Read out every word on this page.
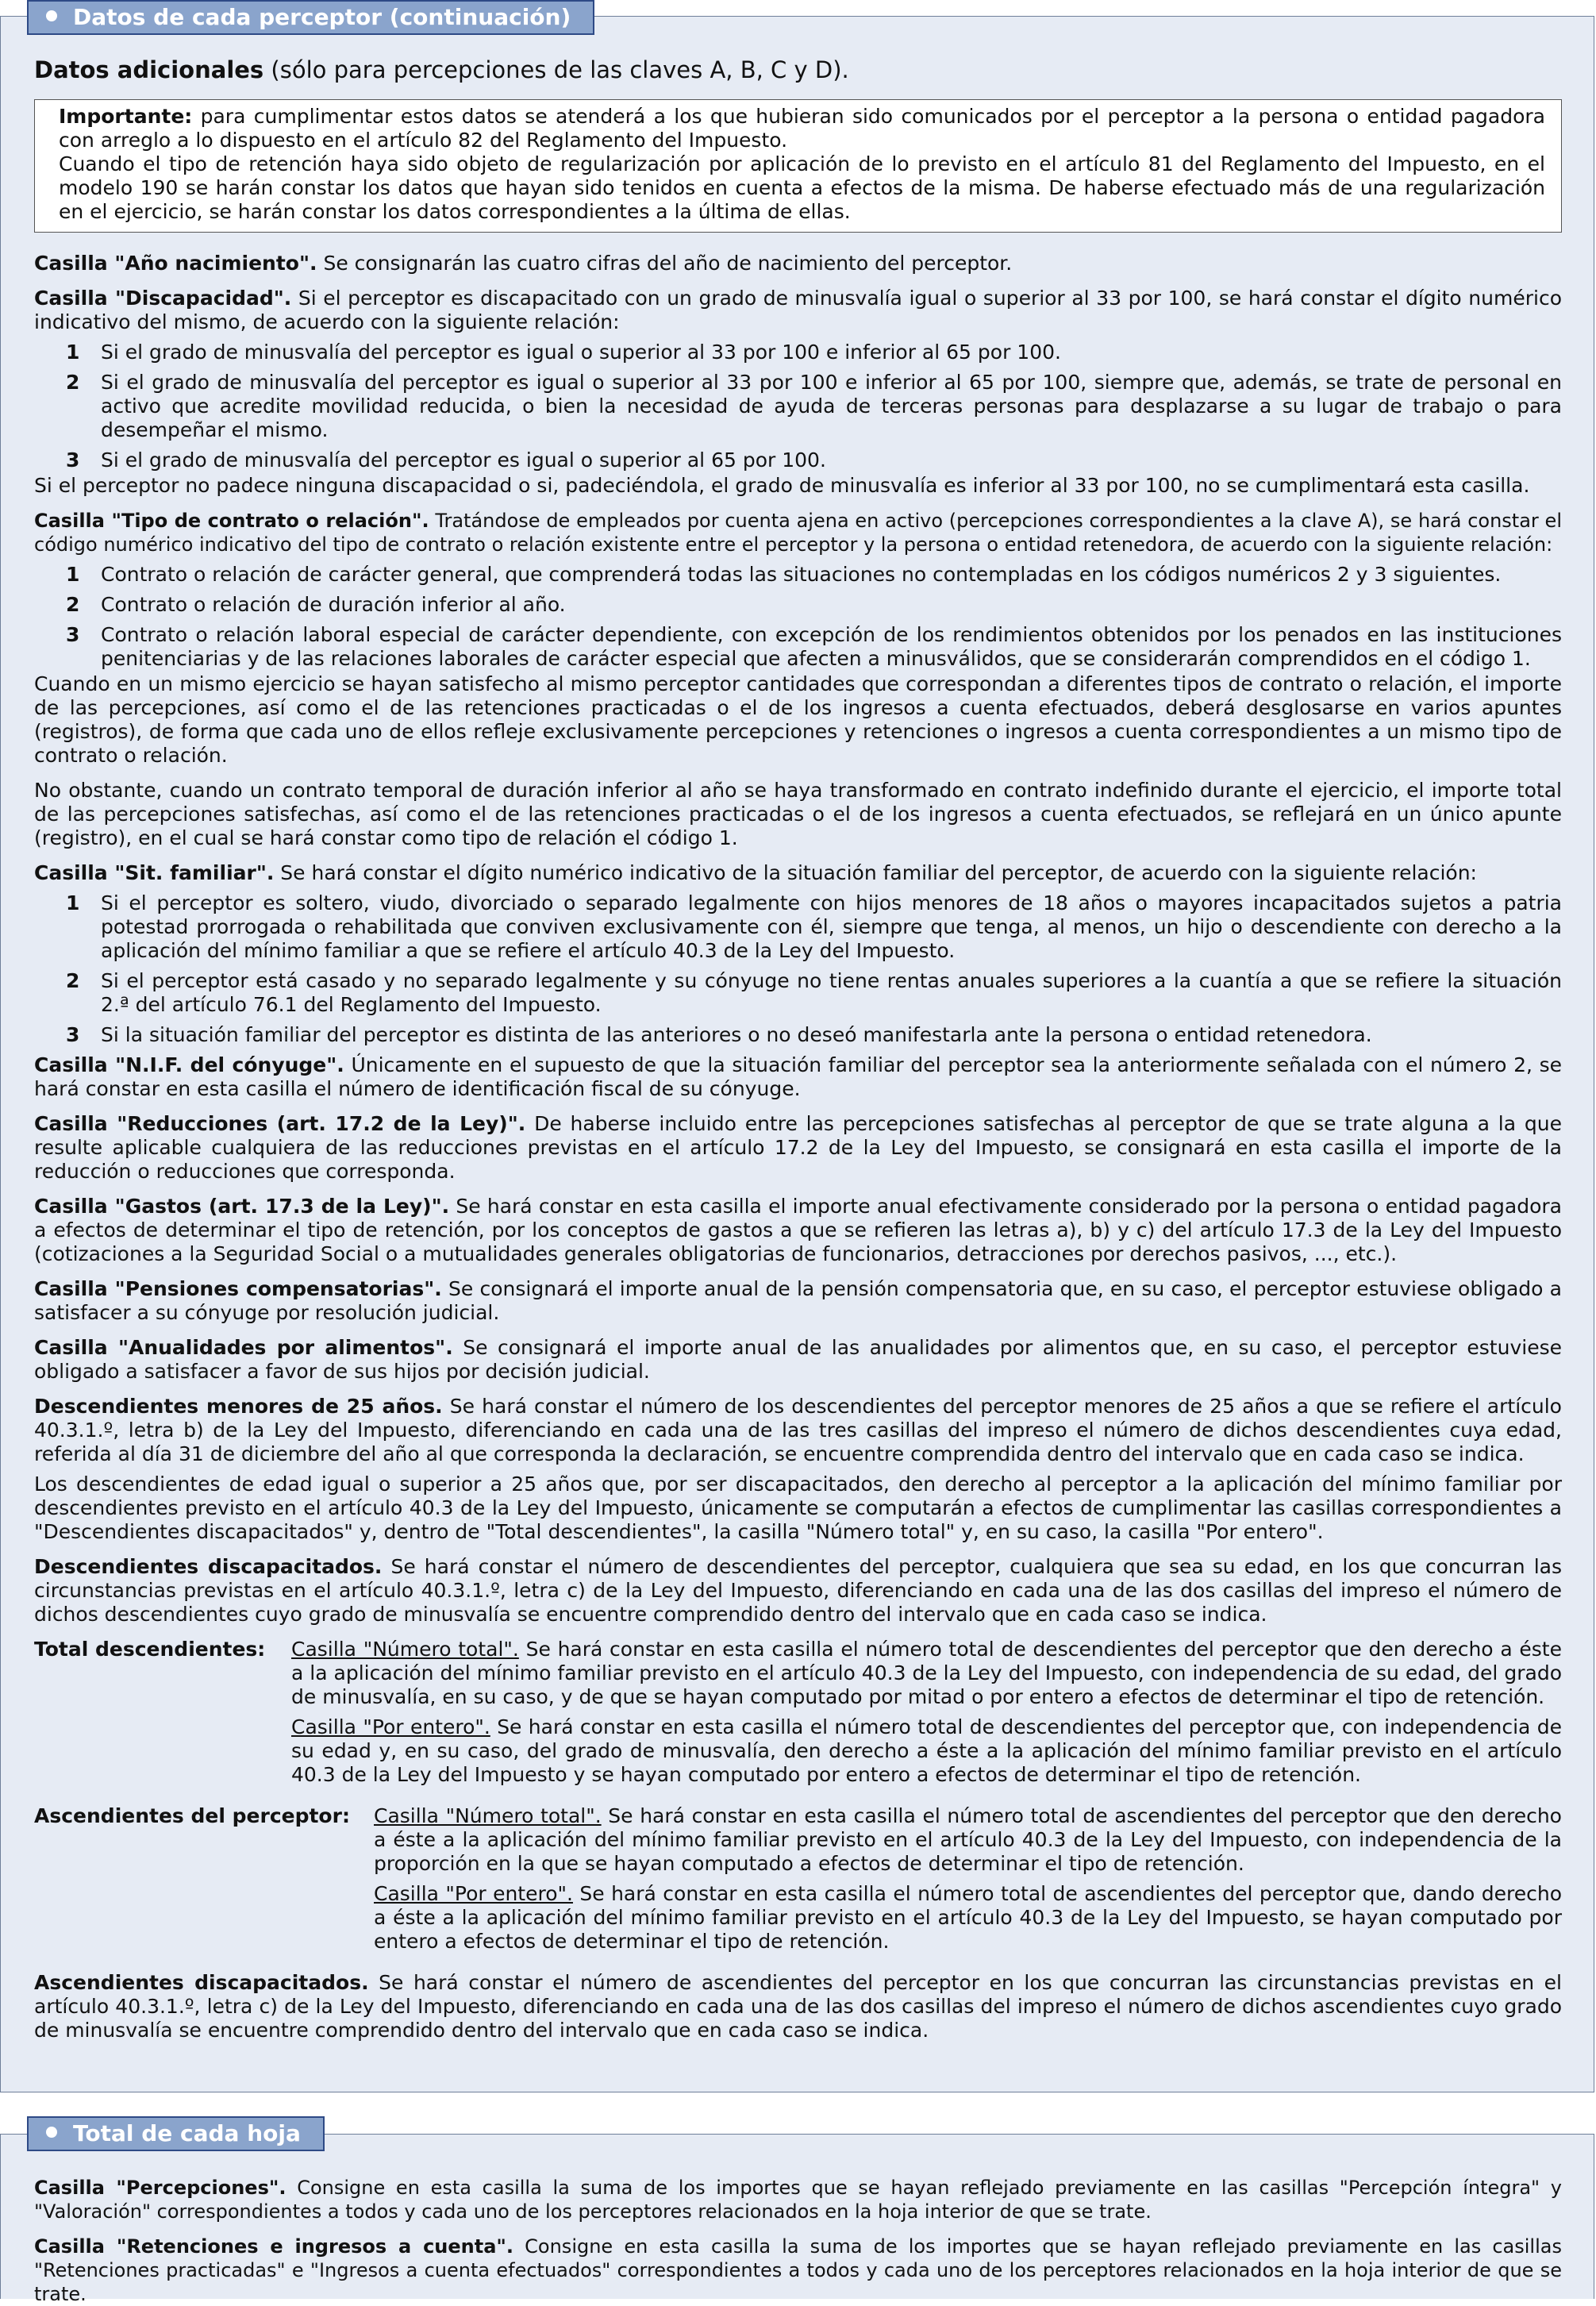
Datos de cada perceptor (continuación)
Datos adicionales (sólo para percepciones de las claves A, B, C y D).

Importante: para cumplimentar estos datos se atenderá a los que hubieran sido comunicados por el perceptor a la persona o entidad pagadora con arreglo a lo dispuesto en el artículo 82 del Reglamento del Impuesto.

Cuando el tipo de retención haya sido objeto de regularización por aplicación de lo previsto en el artículo 81 del Reglamento del Impuesto, en el modelo 190 se harán constar los datos que hayan sido tenidos en cuenta a efectos de la misma. De haberse efectuado más de una regularización en el ejercicio, se harán constar los datos correspondientes a la última de ellas.

Casilla "Año nacimiento". Se consignarán las cuatro cifras del año de nacimiento del perceptor.

Casilla "Discapacidad". Si el perceptor es discapacitado con un grado de minusvalía igual o superior al 33 por 100, se hará constar el dígito numérico indicativo del mismo, de acuerdo con la siguiente relación:

1	Si el grado de minusvalía del perceptor es igual o superior al 33 por 100 e inferior al 65 por 100.
2	Si el grado de minusvalía del perceptor es igual o superior al 33 por 100 e inferior al 65 por 100, siempre que, además, se trate de personal en activo que acredite movilidad reducida, o bien la necesidad de ayuda de terceras personas para desplazarse a su lugar de trabajo o para desempeñar el mismo.
3	Si el grado de minusvalía del perceptor es igual o superior al 65 por 100.

Si el perceptor no padece ninguna discapacidad o si, padeciéndola, el grado de minusvalía es inferior al 33 por 100, no se cumplimentará esta casilla.

Casilla "Tipo de contrato o relación". Tratándose de empleados por cuenta ajena en activo (percepciones correspondientes a la clave A), se hará constar el código numérico indicativo del tipo de contrato o relación existente entre el perceptor y la persona o entidad retenedora, de acuerdo con la siguiente relación:

1	Contrato o relación de carácter general, que comprenderá todas las situaciones no contempladas en los códigos numéricos 2 y 3 siguientes.
2	Contrato o relación de duración inferior al año.
3	Contrato o relación laboral especial de carácter dependiente, con excepción de los rendimientos obtenidos por los penados en las instituciones penitenciarias y de las relaciones laborales de carácter especial que afecten a minusválidos, que se considerarán comprendidos en el código 1.

Cuando en un mismo ejercicio se hayan satisfecho al mismo perceptor cantidades que correspondan a diferentes tipos de contrato o relación, el importe de las percepciones, así como el de las retenciones practicadas o el de los ingresos a cuenta efectuados, deberá desglosarse en varios apuntes (registros), de forma que cada uno de ellos refleje exclusivamente percepciones y retenciones o ingresos a cuenta correspondientes a un mismo tipo de contrato o relación.

No obstante, cuando un contrato temporal de duración inferior al año se haya transformado en contrato indefinido durante el ejercicio, el importe total de las percepciones satisfechas, así como el de las retenciones practicadas o el de los ingresos a cuenta efectuados, se reflejará en un único apunte (registro), en el cual se hará constar como tipo de relación el código 1.

Casilla "Sit. familiar". Se hará constar el dígito numérico indicativo de la situación familiar del perceptor, de acuerdo con la siguiente relación:

1	Si el perceptor es soltero, viudo, divorciado o separado legalmente con hijos menores de 18 años o mayores incapacitados sujetos a patria potestad prorrogada o rehabilitada que conviven exclusivamente con él, siempre que tenga, al menos, un hijo o descendiente con derecho a la aplicación del mínimo familiar a que se refiere el artículo 40.3 de la Ley del Impuesto.
2	Si el perceptor está casado y no separado legalmente y su cónyuge no tiene rentas anuales superiores a la cuantía a que se refiere la situación 2.ª del artículo 76.1 del Reglamento del Impuesto.
3	Si la situación familiar del perceptor es distinta de las anteriores o no deseó manifestarla ante la persona o entidad retenedora.

Casilla "N.I.F. del cónyuge". Únicamente en el supuesto de que la situación familiar del perceptor sea la anteriormente señalada con el número 2, se hará constar en esta casilla el número de identificación fiscal de su cónyuge.

Casilla "Reducciones (art. 17.2 de la Ley)". De haberse incluido entre las percepciones satisfechas al perceptor de que se trate alguna a la que resulte aplicable cualquiera de las reducciones previstas en el artículo 17.2 de la Ley del Impuesto, se consignará en esta casilla el importe de la reducción o reducciones que corresponda.

Casilla "Gastos (art. 17.3 de la Ley)". Se hará constar en esta casilla el importe anual efectivamente considerado por la persona o entidad pagadora a efectos de determinar el tipo de retención, por los conceptos de gastos a que se refieren las letras a), b) y c) del artículo 17.3 de la Ley del Impuesto (cotizaciones a la Seguridad Social o a mutualidades generales obligatorias de funcionarios, detracciones por derechos pasivos, ..., etc.).

Casilla "Pensiones compensatorias". Se consignará el importe anual de la pensión compensatoria que, en su caso, el perceptor estuviese obligado a satisfacer a su cónyuge por resolución judicial.

Casilla "Anualidades por alimentos". Se consignará el importe anual de las anualidades por alimentos que, en su caso, el perceptor estuviese obligado a satisfacer a favor de sus hijos por decisión judicial.

Descendientes menores de 25 años. Se hará constar el número de los descendientes del perceptor menores de 25 años a que se refiere el artículo 40.3.1.º, letra b) de la Ley del Impuesto, diferenciando en cada una de las tres casillas del impreso el número de dichos descendientes cuya edad, referida al día 31 de diciembre del año al que corresponda la declaración, se encuentre comprendida dentro del intervalo que en cada caso se indica.

Los descendientes de edad igual o superior a 25 años que, por ser discapacitados, den derecho al perceptor a la aplicación del mínimo familiar por descendientes previsto en el artículo 40.3 de la Ley del Impuesto, únicamente se computarán a efectos de cumplimentar las casillas correspondientes a "Descendientes discapacitados" y, dentro de "Total descendientes", la casilla "Número total" y, en su caso, la casilla "Por entero".

Descendientes discapacitados. Se hará constar el número de descendientes del perceptor, cualquiera que sea su edad, en los que concurran las circunstancias previstas en el artículo 40.3.1.º, letra c) de la Ley del Impuesto, diferenciando en cada una de las dos casillas del impreso el número de dichos descendientes cuyo grado de minusvalía se encuentre comprendido dentro del intervalo que en cada caso se indica.

Total descendientes:	Casilla "Número total". Se hará constar en esta casilla el número total de descendientes del perceptor que den derecho a éste a la aplicación del mínimo familiar previsto en el artículo 40.3 de la Ley del Impuesto, con independencia de su edad, del grado de minusvalía, en su caso, y de que se hayan computado por mitad o por entero a efectos de determinar el tipo de retención.

Casilla "Por entero". Se hará constar en esta casilla el número total de descendientes del perceptor que, con independencia de su edad y, en su caso, del grado de minusvalía, den derecho a éste a la aplicación del mínimo familiar previsto en el artículo 40.3 de la Ley del Impuesto y se hayan computado por entero a efectos de determinar el tipo de retención.

Ascendientes del perceptor:	Casilla "Número total". Se hará constar en esta casilla el número total de ascendientes del perceptor que den derecho a éste a la aplicación del mínimo familiar previsto en el artículo 40.3 de la Ley del Impuesto, con independencia de la proporción en la que se hayan computado a efectos de determinar el tipo de retención.

Casilla "Por entero". Se hará constar en esta casilla el número total de ascendientes del perceptor que, dando derecho a éste a la aplicación del mínimo familiar previsto en el artículo 40.3 de la Ley del Impuesto, se hayan computado por entero a efectos de determinar el tipo de retención.

Ascendientes discapacitados. Se hará constar el número de ascendientes del perceptor en los que concurran las circunstancias previstas en el artículo 40.3.1.º, letra c) de la Ley del Impuesto, diferenciando en cada una de las dos casillas del impreso el número de dichos ascendientes cuyo grado de minusvalía se encuentre comprendido dentro del intervalo que en cada caso se indica.

Total de cada hoja

Casilla "Percepciones". Consigne en esta casilla la suma de los importes que se hayan reflejado previamente en las casillas "Percepción íntegra" y "Valoración" correspondientes a todos y cada uno de los perceptores relacionados en la hoja interior de que se trate.

Casilla "Retenciones e ingresos a cuenta". Consigne en esta casilla la suma de los importes que se hayan reflejado previamente en las casillas "Retenciones practicadas" e "Ingresos a cuenta efectuados" correspondientes a todos y cada uno de los perceptores relacionados en la hoja interior de que se trate.
